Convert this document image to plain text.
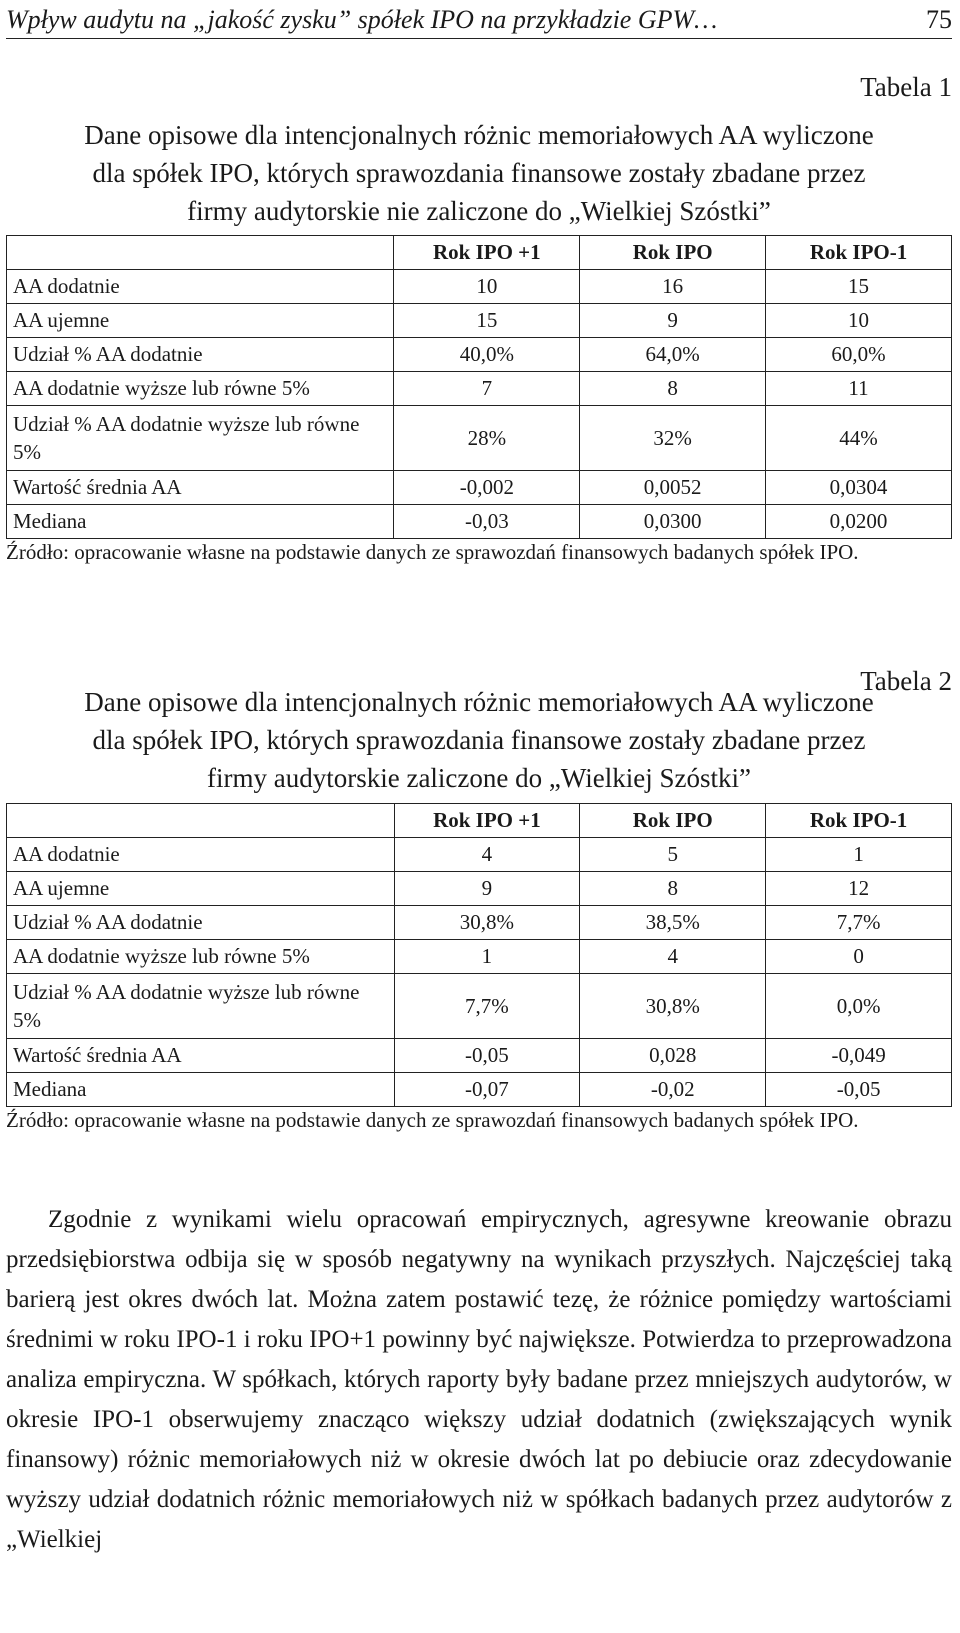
Wpływ audytu na „jakość zysku” spółek IPO na przykładzie GPW…	75
Tabela 1
Dane opisowe dla intencjonalnych różnic memoriałowych AA wyliczone
dla spółek IPO, których sprawozdania finansowe zostały zbadane przez
firmy audytorskie nie zaliczone do „Wielkiej Szóstki”
	Rok IPO +1	Rok IPO	Rok IPO-1
AA dodatnie	10	16	15
AA ujemne	15	9	10
Udział % AA dodatnie	40,0%	64,0%	60,0%
AA dodatnie wyższe lub równe 5%	7	8	11
Udział % AA dodatnie wyższe lub równe 5%	28%	32%	44%
Wartość średnia AA	-0,002	0,0052	0,0304
Mediana	-0,03	0,0300	0,0200
Źródło: opracowanie własne na podstawie danych ze sprawozdań finansowych badanych spółek IPO.
Tabela 2
Dane opisowe dla intencjonalnych różnic memoriałowych AA wyliczone
dla spółek IPO, których sprawozdania finansowe zostały zbadane przez
firmy audytorskie zaliczone do „Wielkiej Szóstki”
	Rok IPO +1	Rok IPO	Rok IPO-1
AA dodatnie	4	5	1
AA ujemne	9	8	12
Udział % AA dodatnie	30,8%	38,5%	7,7%
AA dodatnie wyższe lub równe 5%	1	4	0
Udział % AA dodatnie wyższe lub równe 5%	7,7%	30,8%	0,0%
Wartość średnia AA	-0,05	0,028	-0,049
Mediana	-0,07	-0,02	-0,05
Źródło: opracowanie własne na podstawie danych ze sprawozdań finansowych badanych spółek IPO.

Zgodnie z wynikami wielu opracowań empirycznych, agresywne kreowanie obrazu przedsiębiorstwa odbija się w sposób negatywny na wynikach przyszłych. Najczęściej taką barierą jest okres dwóch lat. Można zatem postawić tezę, że różnice pomiędzy wartościami średnimi w roku IPO-1 i roku IPO+1 powinny być największe. Potwierdza to przeprowadzona analiza empiryczna. W spółkach, których raporty były badane przez mniejszych audytorów, w okresie IPO-1 obserwujemy znacząco większy udział dodatnich (zwiększających wynik finansowy) różnic memoriałowych niż w okresie dwóch lat po debiucie oraz zdecydowanie wyższy udział dodatnich różnic memoriałowych niż w spółkach badanych przez audytorów z „Wielkiej
